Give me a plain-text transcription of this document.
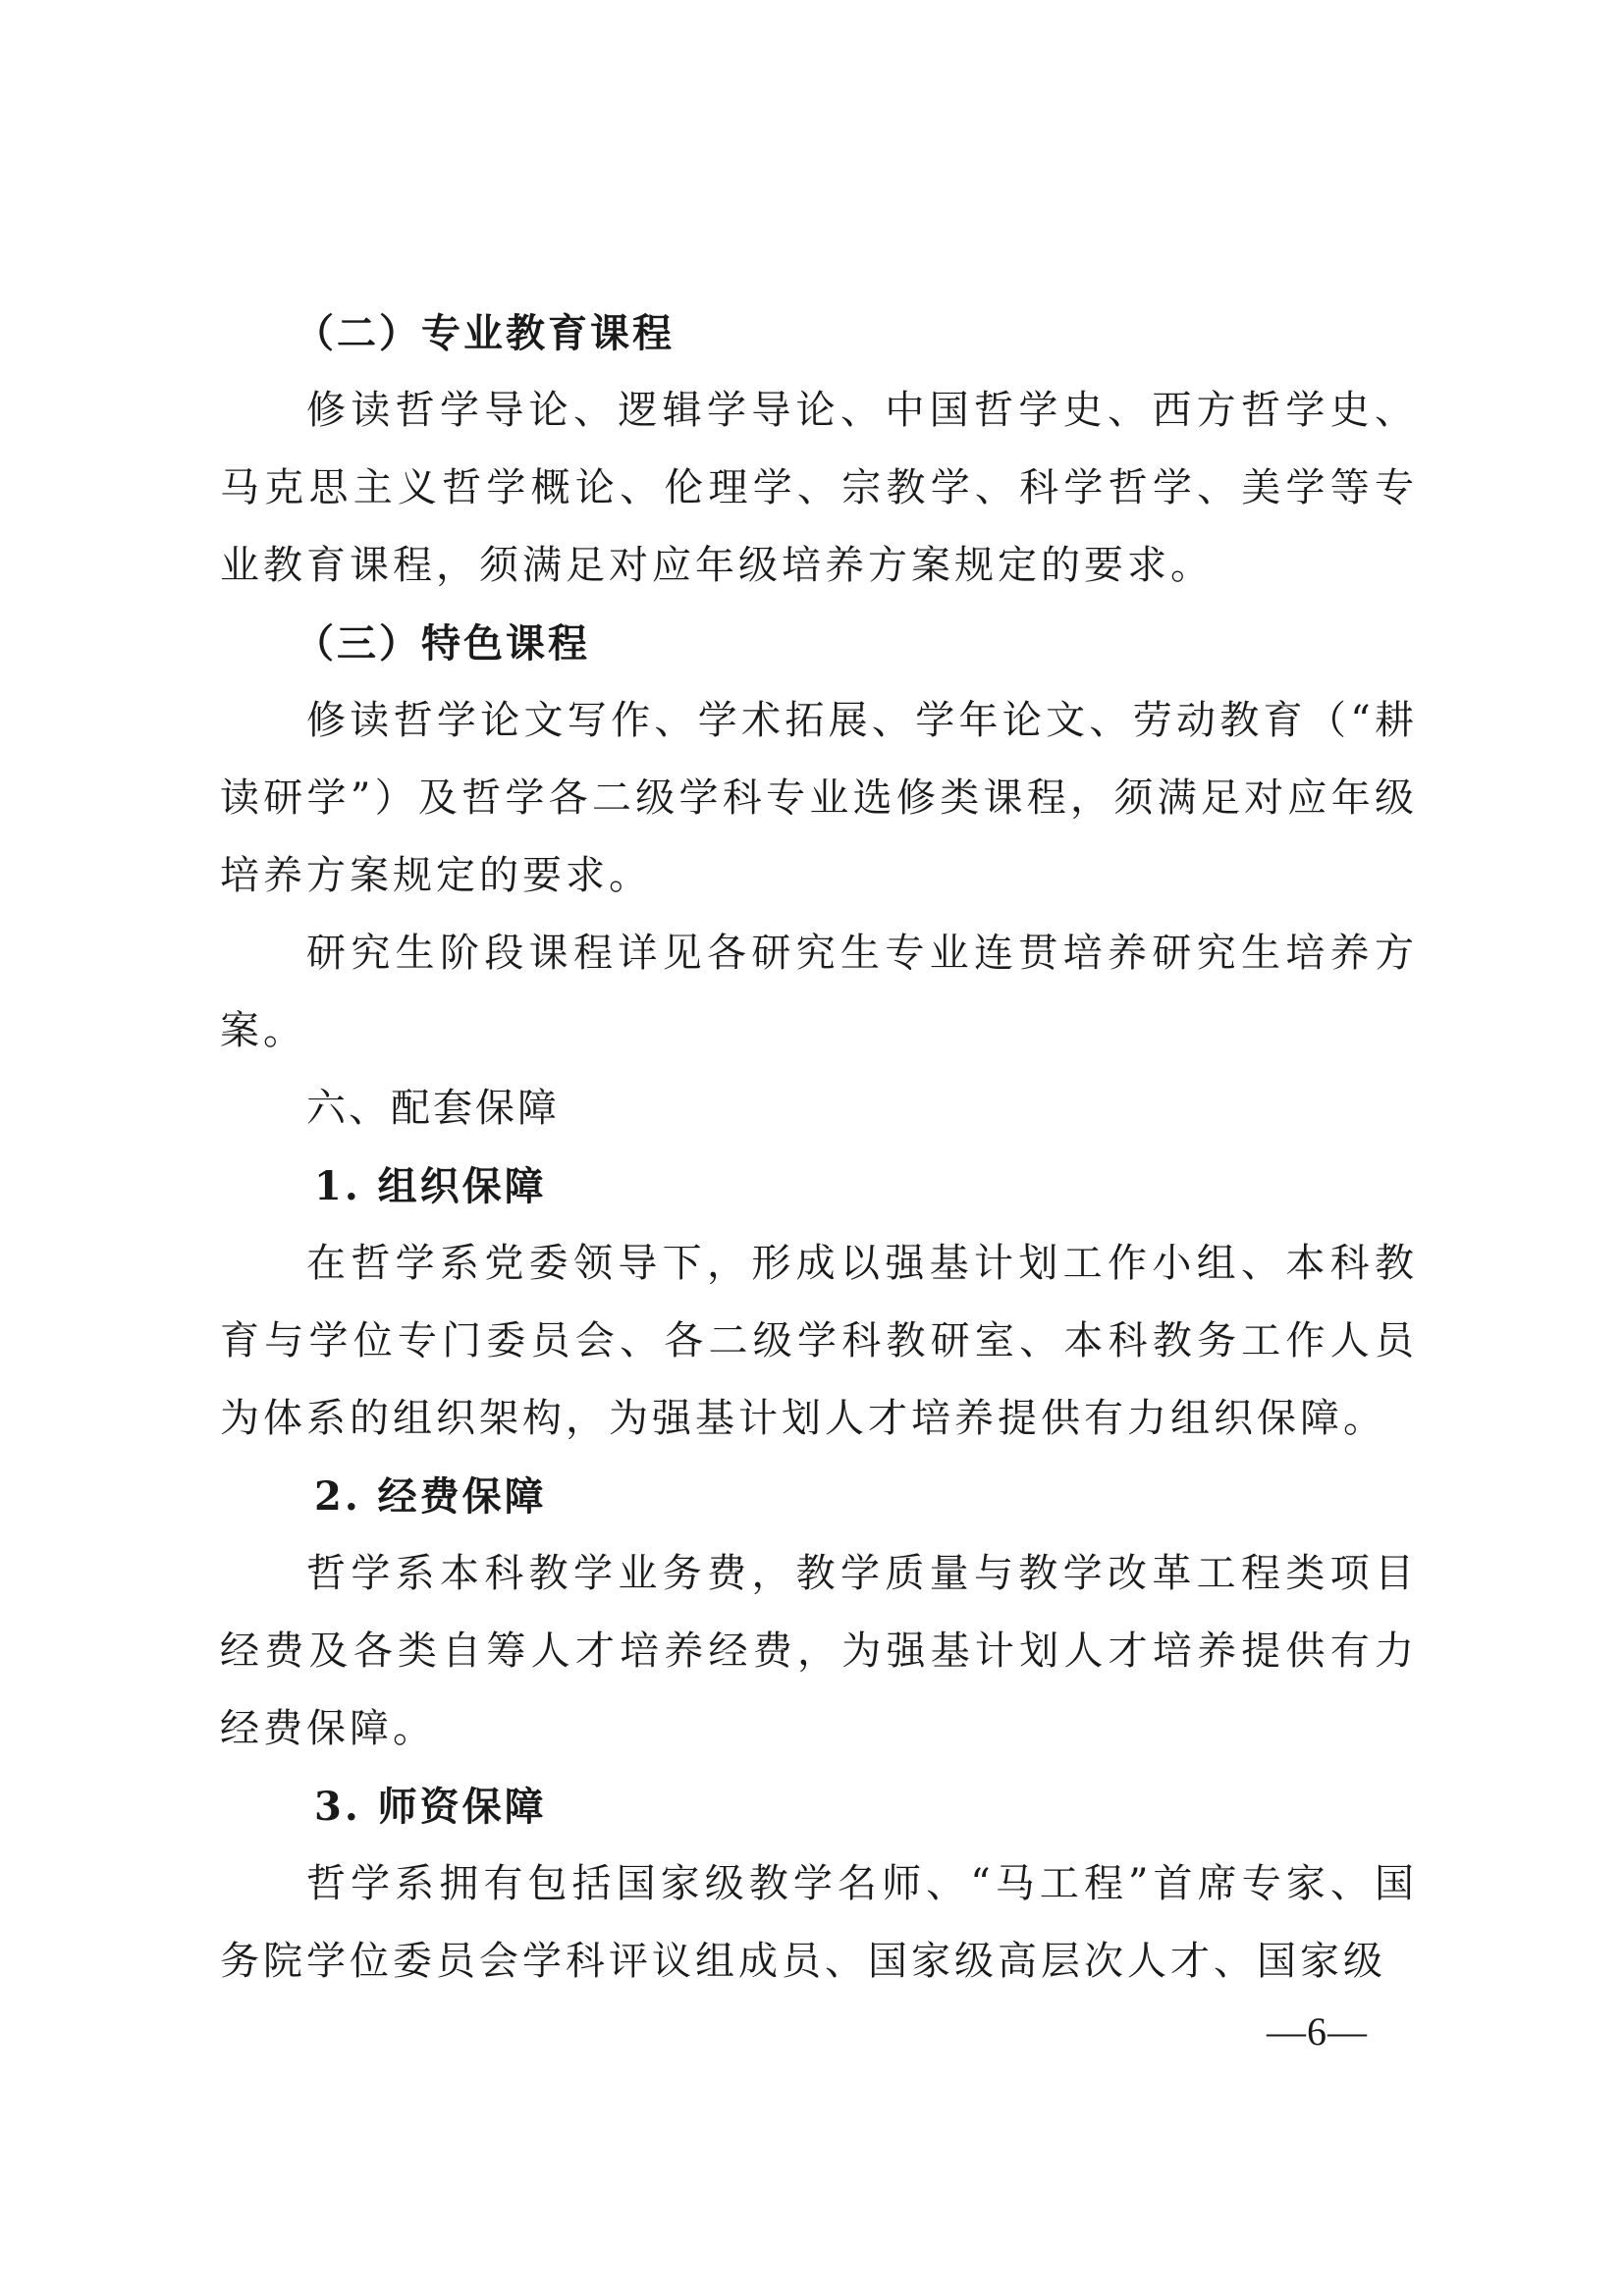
（二）专业教育课程

修读哲学导论、逻辑学导论、中国哲学史、西方哲学史、马克思主义哲学概论、伦理学、宗教学、科学哲学、美学等专业教育课程，须满足对应年级培养方案规定的要求。

（三）特色课程

修读哲学论文写作、学术拓展、学年论文、劳动教育（“耕读研学”）及哲学各二级学科专业选修类课程，须满足对应年级培养方案规定的要求。

研究生阶段课程详见各研究生专业连贯培养研究生培养方案。

六、配套保障

1. 组织保障

在哲学系党委领导下，形成以强基计划工作小组、本科教育与学位专门委员会、各二级学科教研室、本科教务工作人员为体系的组织架构，为强基计划人才培养提供有力组织保障。

2. 经费保障

哲学系本科教学业务费，教学质量与教学改革工程类项目经费及各类自筹人才培养经费，为强基计划人才培养提供有力经费保障。

3. 师资保障

哲学系拥有包括国家级教学名师、“马工程”首席专家、国务院学位委员会学科评议组成员、国家级高层次人才、国家级

—6—
